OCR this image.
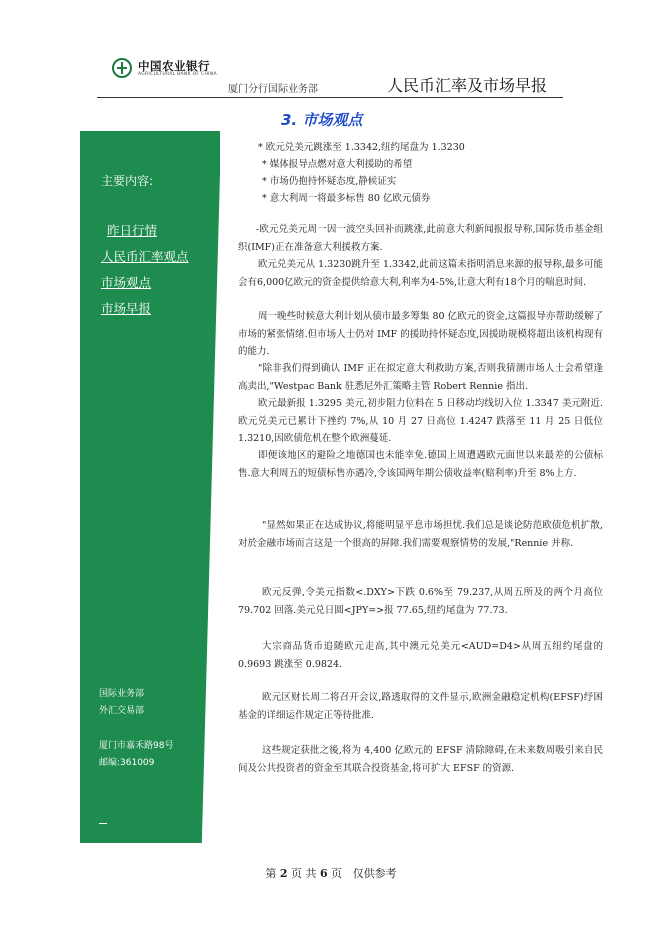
中国农业银行
AGRICULTURAL BANK OF CHINA
厦门分行国际业务部	人民币汇率及市场早报
主要内容:
昨日行情
人民币汇率观点
市场观点
市场早报
国际业务部
外汇交易部
厦门市嘉禾路98号
邮编:361009
3. 市场观点
* 欧元兑美元跳涨至 1.3342,纽约尾盘为 1.3230
* 媒体报导点燃对意大利援助的希望
* 市场仍抱持怀疑态度,静候证实
* 意大利周一将最多标售 80 亿欧元债券

-欧元兑美元周一因一波空头回补而跳涨,此前意大利新闻报报导称,国际货币基金组织(IMF)正在准备意大利援救方案.

欧元兑美元从 1.3230跳升至 1.3342,此前这篇未指明消息来源的报导称,最多可能会有6,000亿欧元的资金提供给意大利,利率为4-5%,让意大利有18个月的喘息时间.

周一晚些时候意大利计划从债市最多筹集 80 亿欧元的资金,这篇报导亦帮助缓解了市场的紧张情绪.但市场人士仍对 IMF 的援助持怀疑态度,因援助规模将超出该机构现有的能力.

"除非我们得到确认 IMF 正在拟定意大利救助方案,否则我猜测市场人士会希望逢高卖出,"Westpac Bank 驻悉尼外汇策略主管 Robert Rennie 指出.

欧元最新报 1.3295 美元,初步阻力位料在 5 日移动均线切入位 1.3347 美元附近.欧元兑美元已累计下挫约 7%,从 10 月 27 日高位 1.4247 跌落至 11 月 25 日低位 1.3210,因欧债危机在整个欧洲蔓延.

即便该地区的避险之地德国也未能幸免.德国上周遭遇欧元面世以来最差的公债标售.意大利周五的短债标售亦遇冷,令该国两年期公债收益率(赔利率)升至 8%上方.

"显然如果正在达成协议,将能明显平息市场担忧.我们总是谈论防范欧债危机扩散,对於金融市场而言这是一个很高的屏障.我们需要观察情势的发展,"Rennie 并称.

欧元反弹,令美元指数<.DXY>下跌 0.6%至 79.237,从周五所及的两个月高位 79.702 回落.美元兑日圆<JPY=>报 77.65,纽约尾盘为 77.73.

大宗商品货币追随欧元走高,其中澳元兑美元<AUD=D4>从周五纽约尾盘的 0.9693 跳涨至 0.9824.

欧元区财长周二将召开会议,路透取得的文件显示,欧洲金融稳定机构(EFSF)纾困基金的详细运作规定正等待批准.

这些规定获批之後,将为 4,400 亿欧元的 EFSF 清除障碍,在未来数周吸引来自民间及公共投资者的资金至其联合投资基金,将可扩大 EFSF 的资源.

第 2 页 共 6 页 仅供参考
